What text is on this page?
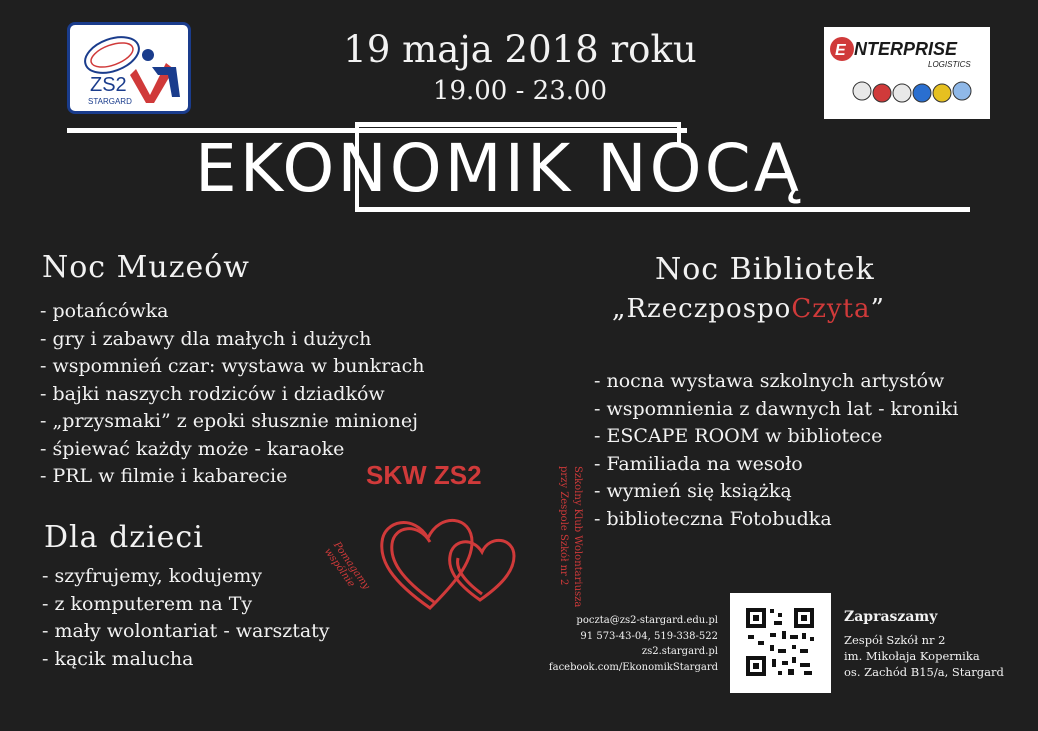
ZS2
STARGARD
E NTERPRISE
LOGISTICS
19 maja 2018 roku
19.00 - 23.00
EKONOMIK NOCĄ
Noc Muzeów
- potańcówka
- gry i zabawy dla małych i dużych
- wspomnień czar: wystawa w bunkrach
- bajki naszych rodziców i dziadków
- „przysmaki” z epoki słusznie minionej
- śpiewać każdy może - karaoke
- PRL w filmie i kabarecie
Dla dzieci
- szyfrujemy, kodujemy
- z komputerem na Ty
- mały wolontariat - warsztaty
- kącik malucha
Noc Bibliotek
„RzeczpospoCzyta”
- nocna wystawa szkolnych artystów
- wspomnienia z dawnych lat - kroniki
- ESCAPE ROOM w bibliotece
- Familiada na wesoło
- wymień się książką
- biblioteczna Fotobudka
SKW ZS2
Pomagamy wspólnie	Szkolny Klub Wolontariusza
przy Zespole Szkół nr 2
poczta@zs2-stargard.edu.pl
91 573-43-04, 519-338-522
zs2.stargard.pl
facebook.com/EkonomikStargard
Zapraszamy
Zespół Szkół nr 2
im. Mikołaja Kopernika
os. Zachód B15/a, Stargard
